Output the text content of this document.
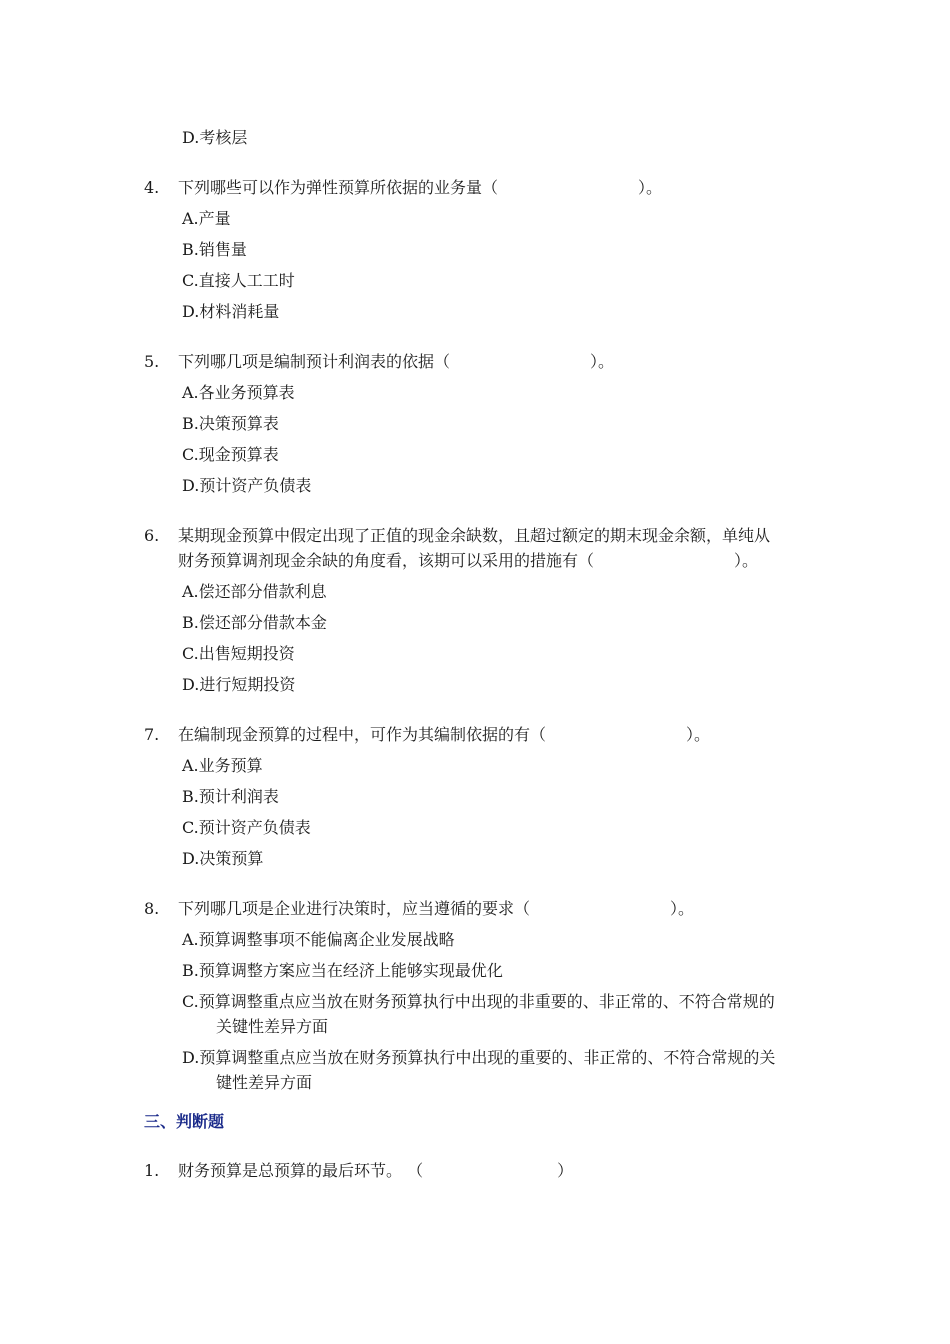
D.考核层
4. 下列哪些可以作为弹性预算所依据的业务量（	）。
A.产量
B.销售量
C.直接人工工时
D.材料消耗量
5. 下列哪几项是编制预计利润表的依据（	）。
A.各业务预算表
B.决策预算表
C.现金预算表
D.预计资产负债表
6. 某期现金预算中假定出现了正值的现金余缺数，且超过额定的期末现金余额，单纯从
财务预算调剂现金余缺的角度看，该期可以采用的措施有（	）。
A.偿还部分借款利息
B.偿还部分借款本金
C.出售短期投资
D.进行短期投资
7. 在编制现金预算的过程中，可作为其编制依据的有（	）。
A.业务预算
B.预计利润表
C.预计资产负债表
D.决策预算
8. 下列哪几项是企业进行决策时，应当遵循的要求（	）。
A.预算调整事项不能偏离企业发展战略
B.预算调整方案应当在经济上能够实现最优化
C.预算调整重点应当放在财务预算执行中出现的非重要的、非正常的、不符合常规的
关键性差异方面
D.预算调整重点应当放在财务预算执行中出现的重要的、非正常的、不符合常规的关
键性差异方面
三、判断题
1. 财务预算是总预算的最后环节。 （	）
